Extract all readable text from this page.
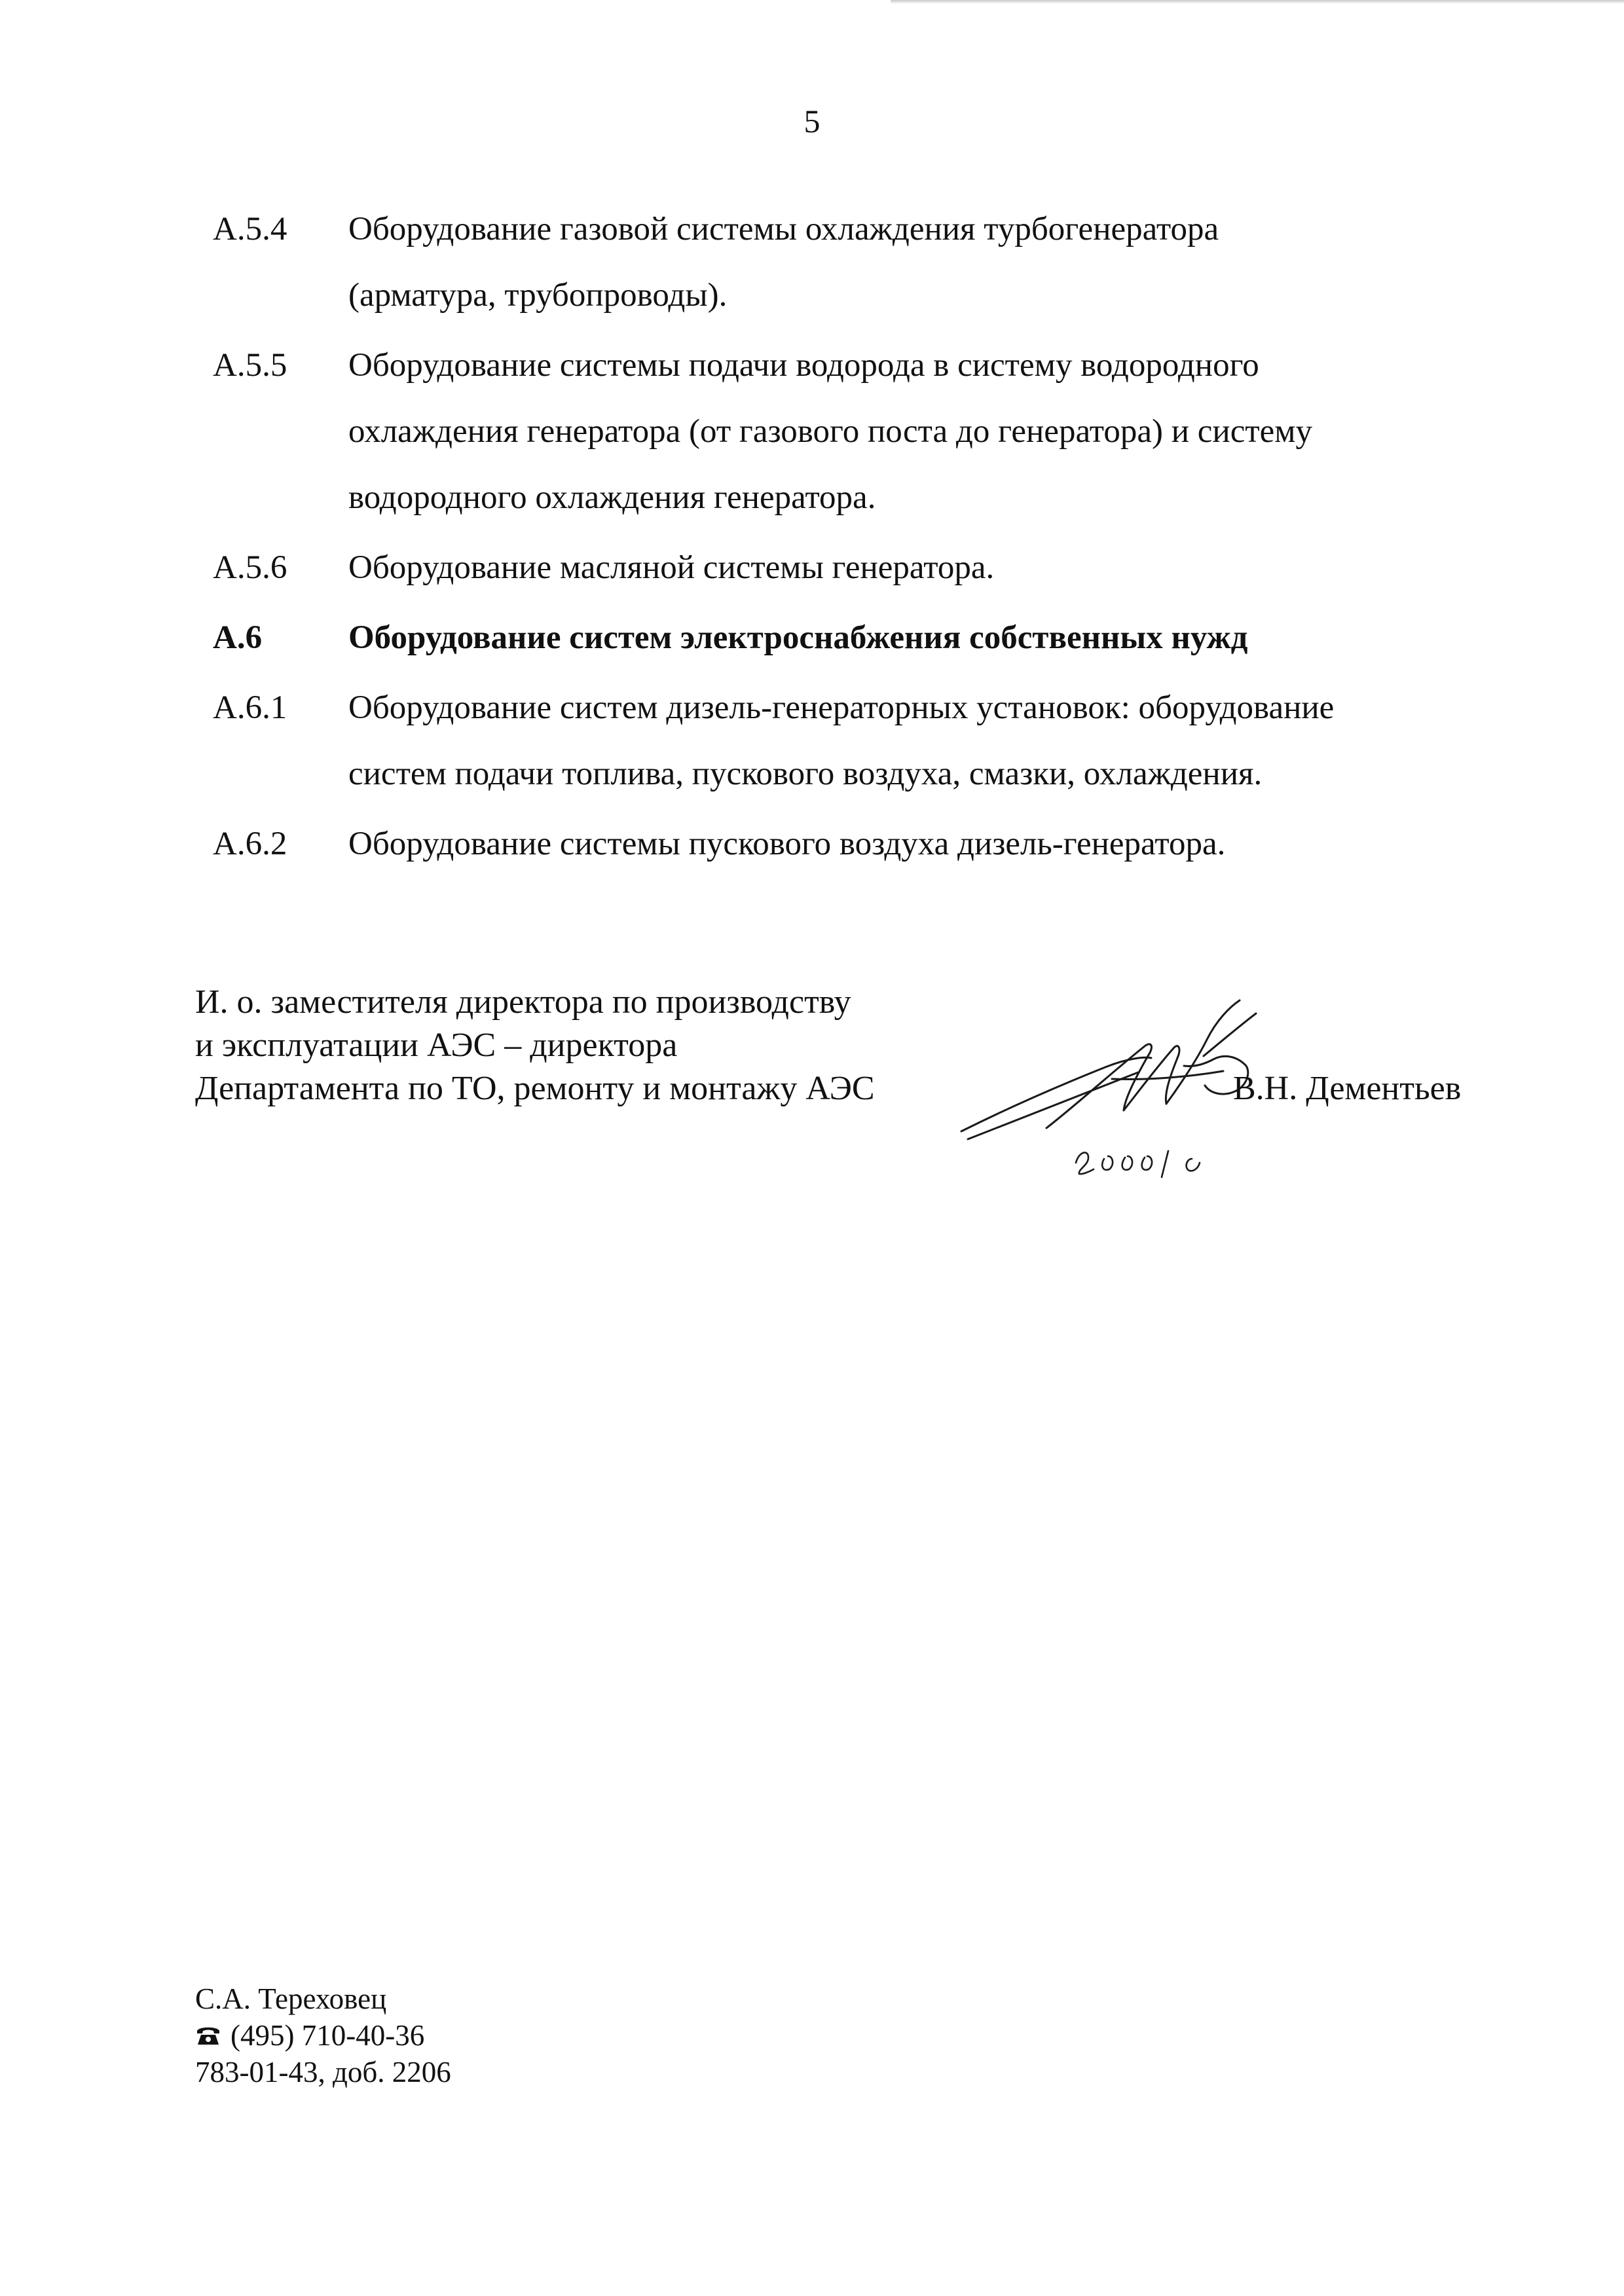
5
А.5.4	Оборудование газовой системы охлаждения турбогенератора
(арматура, трубопроводы).
А.5.5	Оборудование системы подачи водорода в систему водородного
охлаждения генератора (от газового поста до генератора) и систему
водородного охлаждения генератора.
А.5.6	Оборудование масляной системы генератора.
А.6	Оборудование систем электроснабжения собственных нужд
А.6.1	Оборудование систем дизель-генераторных установок: оборудование
систем подачи топлива, пускового воздуха, смазки, охлаждения.
А.6.2	Оборудование системы пускового воздуха дизель-генератора.
И. о. заместителя директора по производству
и эксплуатации АЭС – директора
Департамента по ТО, ремонту и монтажу АЭС	В.Н. Дементьев
С.А. Тереховец
(495) 710-40-36
783-01-43, доб. 2206
